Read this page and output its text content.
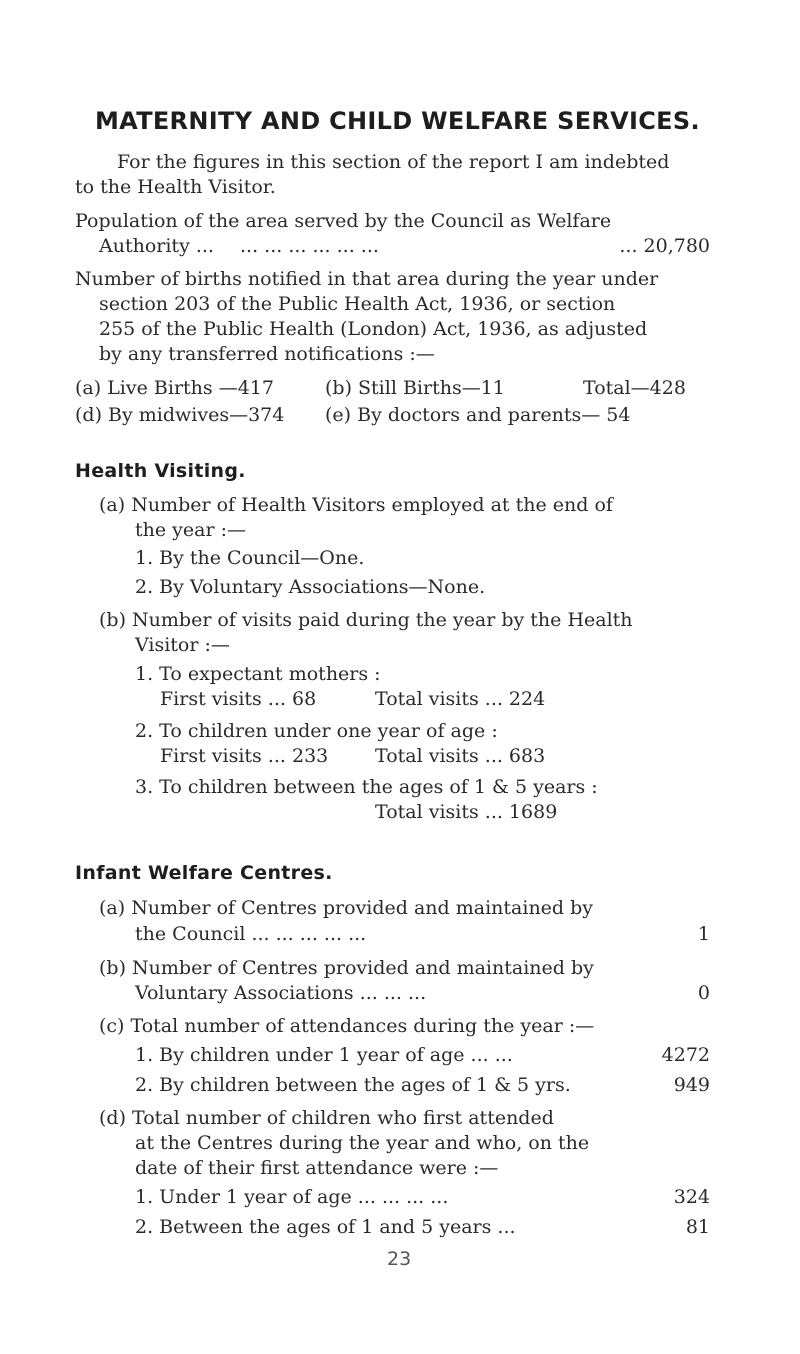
MATERNITY AND CHILD WELFARE SERVICES.
For the figures in this section of the report I am indebted
to the Health Visitor.
Population of the area served by the Council as Welfare
Authority ... ... ... ... ... ... ...	... 20,780
Number of births notified in that area during the year under
section 203 of the Public Health Act, 1936, or section
255 of the Public Health (London) Act, 1936, as adjusted
by any transferred notifications :—
(a) Live Births —417	(b) Still Births—11	Total—428
(d) By midwives—374 (e) By doctors and parents— 54
Health Visiting.
(a) Number of Health Visitors employed at the end of
the year :—
1. By the Council—One.
2. By Voluntary Associations—None.
(b) Number of visits paid during the year by the Health
Visitor :—
1. To expectant mothers :
First visits ... 68	Total visits ... 224
2. To children under one year of age :
First visits ... 233 Total visits ... 683
3. To children between the ages of 1 & 5 years :
Total visits ... 1689
Infant Welfare Centres.
(a) Number of Centres provided and maintained by
the Council ... ... ... ... ...	1
(b) Number of Centres provided and maintained by
Voluntary Associations ... ... ...	0
(c) Total number of attendances during the year :—
1. By children under 1 year of age ... ...	4272
2. By children between the ages of 1 & 5 yrs.	949
(d) Total number of children who first attended
at the Centres during the year and who, on the
date of their first attendance were :—
1. Under 1 year of age ... ... ... ...	324
2. Between the ages of 1 and 5 years ...	81
23
